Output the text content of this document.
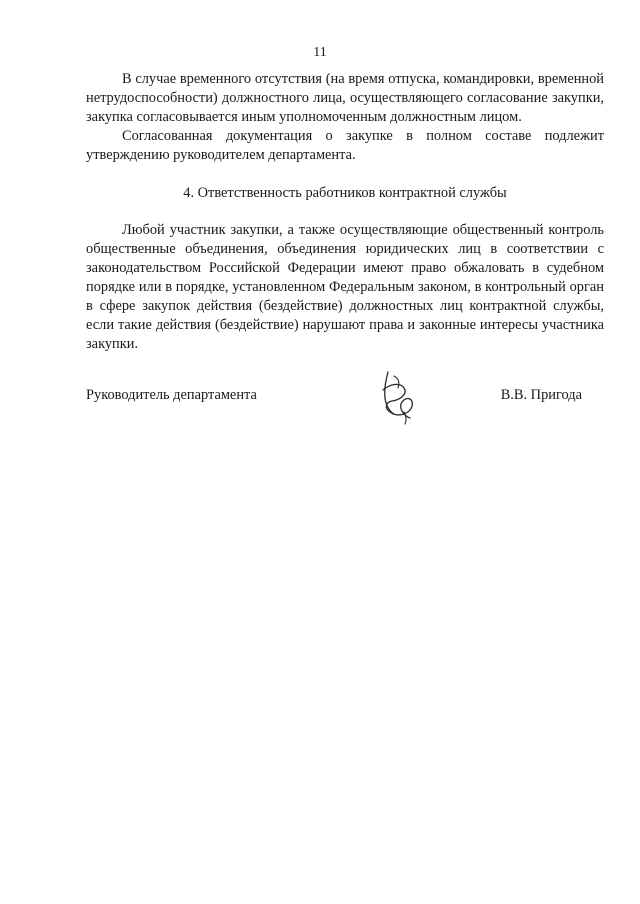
11

В случае временного отсутствия (на время отпуска, командировки, временной нетрудоспособности) должностного лица, осуществляющего согласование закупки, закупка согласовывается иным уполномоченным должностным лицом.

Согласованная документация о закупке в полном составе подлежит утверждению руководителем департамента.

4. Ответственность работников контрактной службы

Любой участник закупки, а также осуществляющие общественный контроль общественные объединения, объединения юридических лиц в соответствии с законодательством Российской Федерации имеют право обжаловать в судебном порядке или в порядке, установленном Федеральным законом, в контрольный орган в сфере закупок действия (бездействие) должностных лиц контрактной службы, если такие действия (бездействие) нарушают права и законные интересы участника закупки.

Руководитель департамента	В.В. Пригода
